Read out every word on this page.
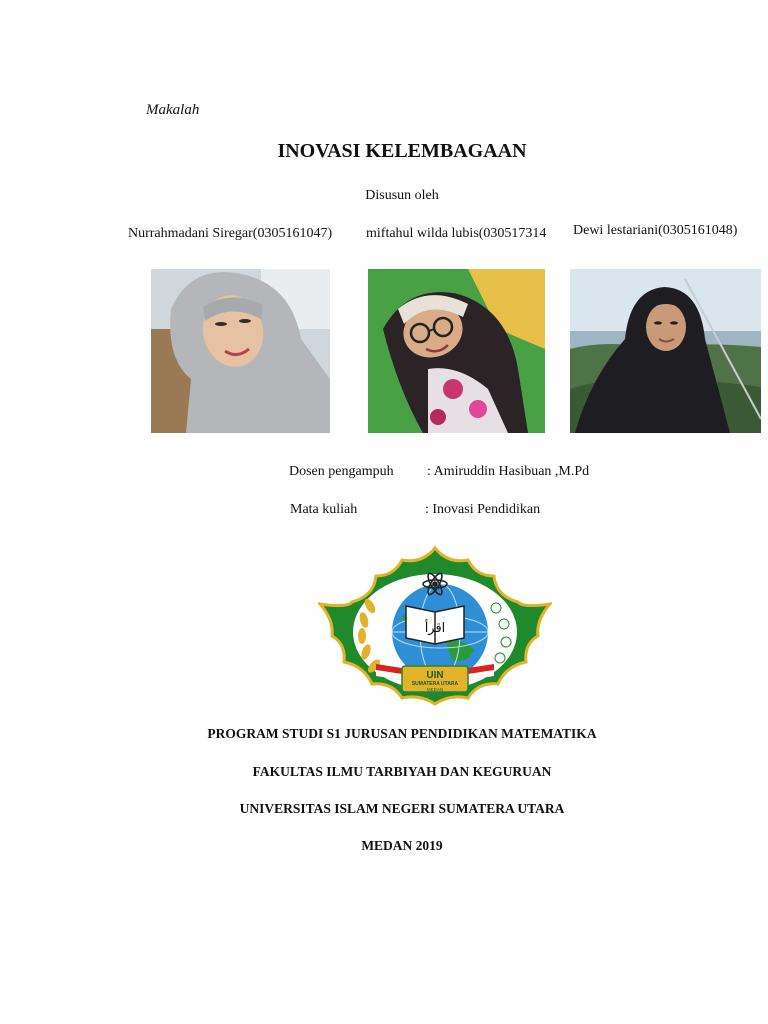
Makalah
INOVASI KELEMBAGAAN
Disusun oleh
Nurrahmadani Siregar(0305161047) miftahul wilda lubis(030517314 Dewi lestariani(0305161048)
Dosen pengampuh : Amiruddin Hasibuan ,M.Pd
Mata kuliah	: Inovasi Pendidikan
اقرأ
UIN
SUMATERA UTARA
MEDAN
PROGRAM STUDI S1 JURUSAN PENDIDIKAN MATEMATIKA
FAKULTAS ILMU TARBIYAH DAN KEGURUAN
UNIVERSITAS ISLAM NEGERI SUMATERA UTARA
MEDAN 2019
